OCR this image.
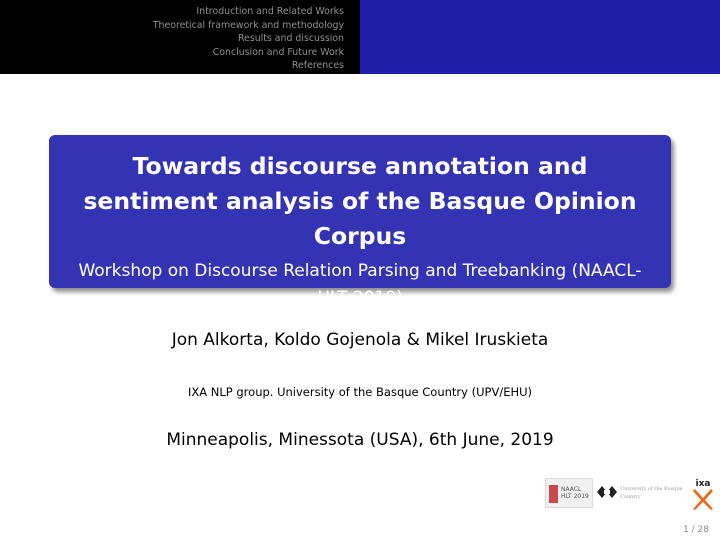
Introduction and Related Works
Theoretical framework and methodology
Results and discussion
Conclusion and Future Work
References
Towards discourse annotation and sentiment analysis of the Basque Opinion Corpus
Workshop on Discourse Relation Parsing and Treebanking (NAACL-HLT 2019)
Jon Alkorta, Koldo Gojenola & Mikel Iruskieta
IXA NLP group. University of the Basque Country (UPV/EHU)
Minneapolis, Minessota (USA), 6th June, 2019
NAACL HLT 2019
University of the Basque Country
ixa
1 / 28
